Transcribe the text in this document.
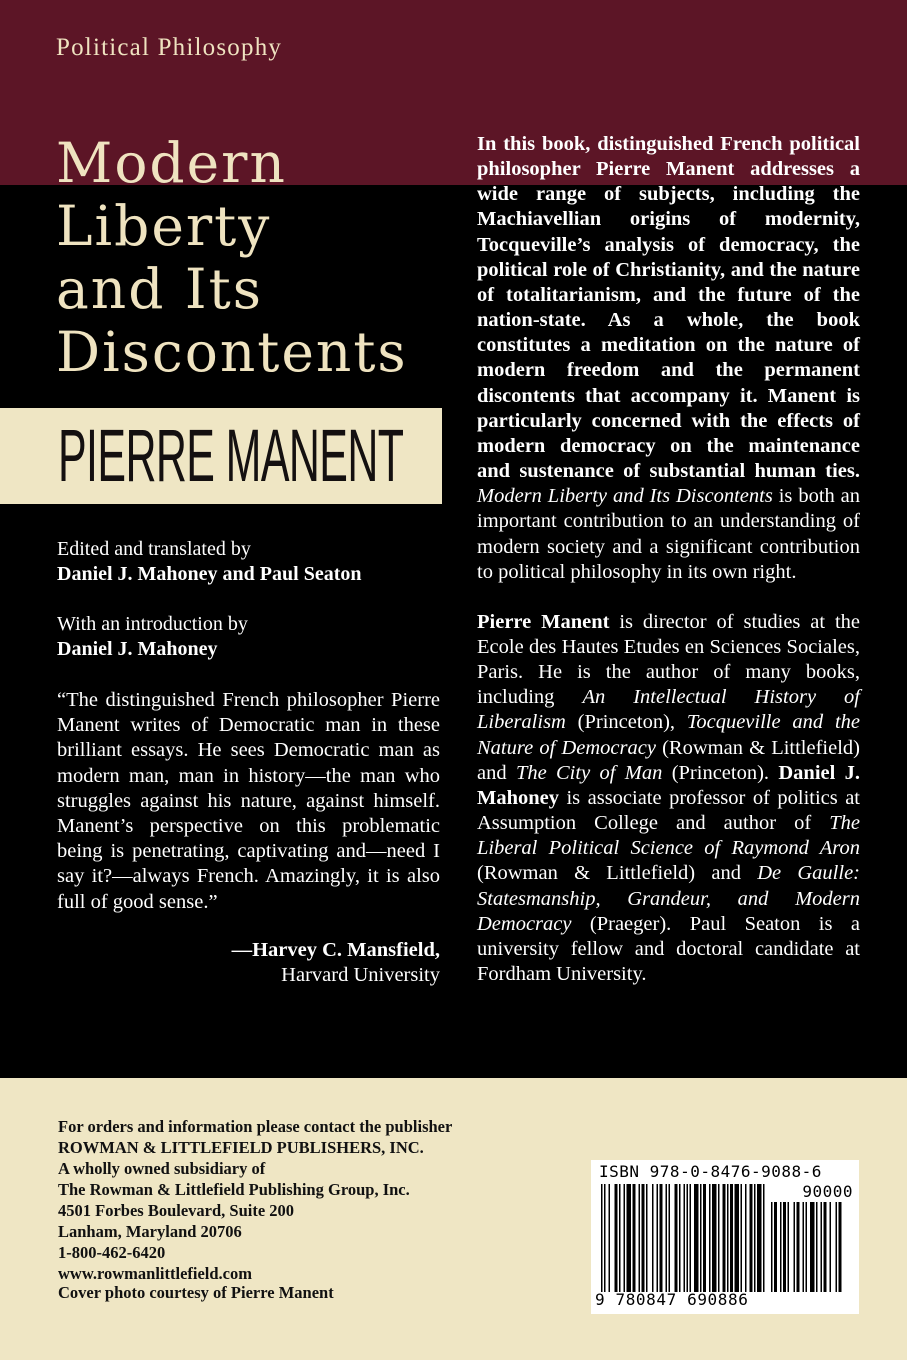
Political Philosophy
Modern
Liberty
and Its
Discontents
PIERRE MANENT
Edited and translated by
Daniel J. Mahoney and Paul Seaton
With an introduction by
Daniel J. Mahoney
“The distinguished French philosopher Pierre Manent writes of Democratic man in these brilliant essays. He sees Democratic man as modern man, man in history—the man who struggles against his nature, against himself. Manent’s perspective on this problematic being is penetrating, captivating and—need I say it?—always French. Amazingly, it is also full of good sense.”
—Harvey C. Mansfield,
Harvard University

In this book, distinguished French political philosopher Pierre Manent addresses a wide range of subjects, including the Machiavellian origins of modernity, Tocqueville’s analysis of democracy, the political role of Christianity, and the nature of totalitarianism, and the future of the nation-state. As a whole, the book constitutes a meditation on the nature of modern freedom and the permanent discontents that accompany it. Manent is particularly concerned with the effects of modern democracy on the maintenance and sustenance of substantial human ties. Modern Liberty and Its Discontents is both an important contribution to an understanding of modern society and a significant contribution to political philosophy in its own right.

Pierre Manent is director of studies at the Ecole des Hautes Etudes en Sciences Sociales, Paris. He is the author of many books, including An Intellectual History of Liberalism (Princeton), Tocqueville and the Nature of Democracy (Rowman & Littlefield) and The City of Man (Princeton). Daniel J. Mahoney is associate professor of politics at Assumption College and author of The Liberal Political Science of Raymond Aron (Rowman & Littlefield) and De Gaulle: Statesmanship, Grandeur, and Modern Democracy (Praeger). Paul Seaton is a university fellow and doctoral candidate at Fordham University.

For orders and information please contact the publisher
ROWMAN & LITTLEFIELD PUBLISHERS, INC.
A wholly owned subsidiary of
The Rowman & Littlefield Publishing Group, Inc.
4501 Forbes Boulevard, Suite 200
Lanham, Maryland 20706
1-800-462-6420
www.rowmanlittlefield.com
Cover photo courtesy of Pierre Manent
ISBN 978-0-8476-9088-6
90000
9 780847 690886
